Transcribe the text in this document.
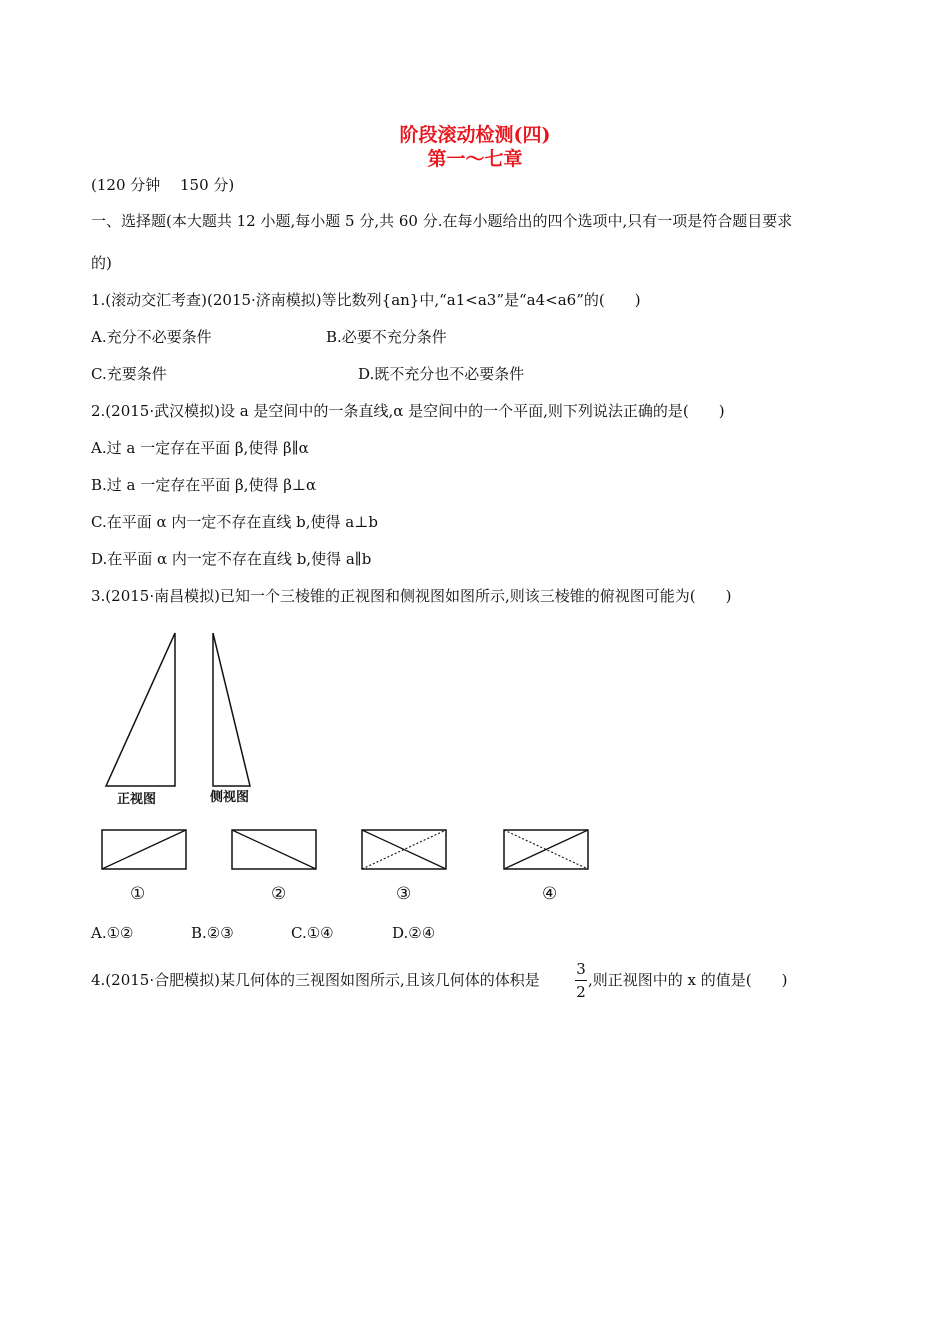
阶段滚动检测(四)
第一～七章
(120 分钟　 150 分)
一、选择题(本大题共 12 小题,每小题 5 分,共 60 分.在每小题给出的四个选项中,只有一项是符合题目要求
的)
1.(滚动交汇考查)(2015·济南模拟)等比数列{an}中,“a1<a3”是“a4<a6”的(　　)
A.充分不必要条件	B.必要不充分条件
C.充要条件	D.既不充分也不必要条件
2.(2015·武汉模拟)设 a 是空间中的一条直线,α 是空间中的一个平面,则下列说法正确的是(　　)
A.过 a 一定存在平面 β,使得 β∥α
B.过 a 一定存在平面 β,使得 β⊥α
C.在平面 α 内一定不存在直线 b,使得 a⊥b
D.在平面 α 内一定不存在直线 b,使得 a∥b
3.(2015·南昌模拟)已知一个三棱锥的正视图和侧视图如图所示,则该三棱锥的俯视图可能为(　　)
正视图	侧视图
①	②	③	④
A.①②	B.②③	C.①④	D.②④
4.(2015·合肥模拟)某几何体的三视图如图所示,且该几何体的体积是
3
2
,则正视图中的 x 的值是(　　)
